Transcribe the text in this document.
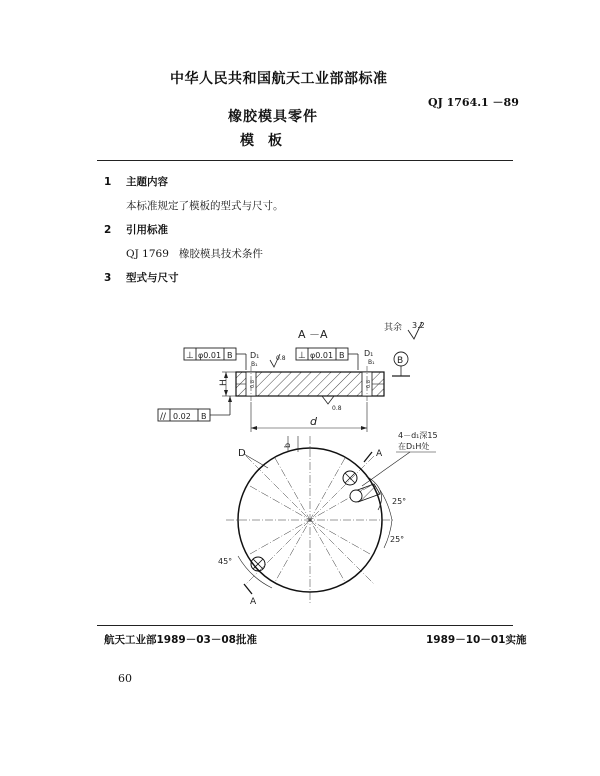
中华人民共和国航天工业部部标准
QJ 1764.1 －89
橡胶模具零件
模板
1 主题内容
本标准规定了模板的型式与尺寸。
2 引用标准
QJ 1769 橡胶模具技术条件
3 型式与尺寸
A －A	其余 3.2
⊥ φ0.01 B D₁
B₁
0.8 ⊥ φ0.01 B D₁
B₁ B
0.8	0.8
H
0.8
// 0.02 B	d
D
b
A
A
4－d₁深15
在D₁H处
25°
25°
45°
航天工业部1989－03－08批准	1989－10－01实施
60
